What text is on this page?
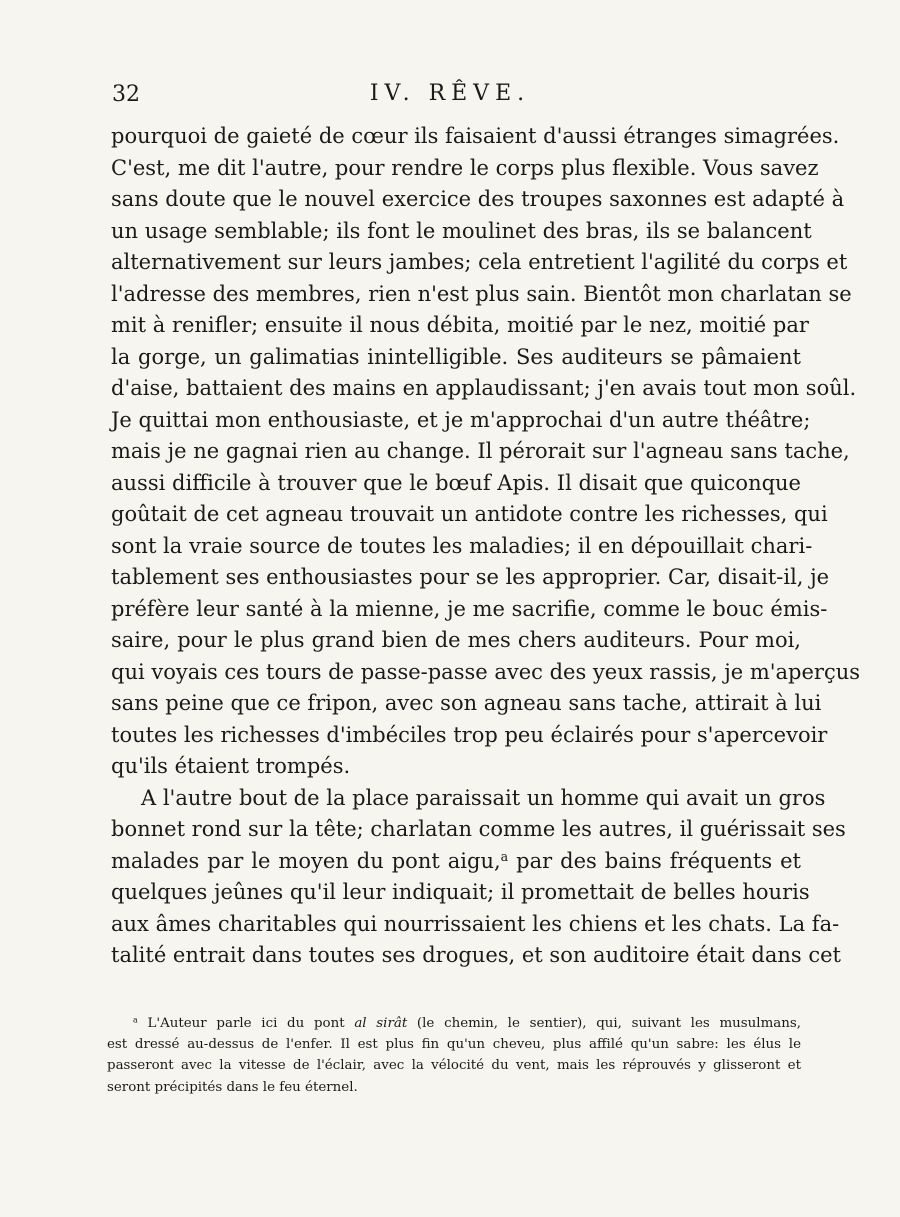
32	IV. RÊVE.
pourquoi de gaieté de cœur ils faisaient d'aussi étranges simagrées.
C'est, me dit l'autre, pour rendre le corps plus flexible. Vous savez
sans doute que le nouvel exercice des troupes saxonnes est adapté à
un usage semblable; ils font le moulinet des bras, ils se balancent
alternativement sur leurs jambes; cela entretient l'agilité du corps et
l'adresse des membres, rien n'est plus sain. Bientôt mon charlatan se
mit à renifler; ensuite il nous débita, moitié par le nez, moitié par
la gorge, un galimatias inintelligible. Ses auditeurs se pâmaient
d'aise, battaient des mains en applaudissant; j'en avais tout mon soûl.
Je quittai mon enthousiaste, et je m'approchai d'un autre théâtre;
mais je ne gagnai rien au change. Il pérorait sur l'agneau sans tache,
aussi difficile à trouver que le bœuf Apis. Il disait que quiconque
goûtait de cet agneau trouvait un antidote contre les richesses, qui
sont la vraie source de toutes les maladies; il en dépouillait chari-
tablement ses enthousiastes pour se les approprier. Car, disait-il, je
préfère leur santé à la mienne, je me sacrifie, comme le bouc émis-
saire, pour le plus grand bien de mes chers auditeurs. Pour moi,
qui voyais ces tours de passe-passe avec des yeux rassis, je m'aperçus
sans peine que ce fripon, avec son agneau sans tache, attirait à lui
toutes les richesses d'imbéciles trop peu éclairés pour s'apercevoir
qu'ils étaient trompés.
A l'autre bout de la place paraissait un homme qui avait un gros
bonnet rond sur la tête; charlatan comme les autres, il guérissait ses
malades par le moyen du pont aigu,$^a$ par des bains fréquents et
quelques jeûnes qu'il leur indiquait; il promettait de belles houris
aux âmes charitables qui nourrissaient les chiens et les chats. La fa-
talité entrait dans toutes ses drogues, et son auditoire était dans cet
$^a$ L'Auteur parle ici du pont al sirât (le chemin, le sentier), qui, suivant les musulmans,
est dressé au-dessus de l'enfer. Il est plus fin qu'un cheveu, plus affilé qu'un sabre: les élus le
passeront avec la vitesse de l'éclair, avec la vélocité du vent, mais les réprouvés y glisseront et
seront précipités dans le feu éternel.
